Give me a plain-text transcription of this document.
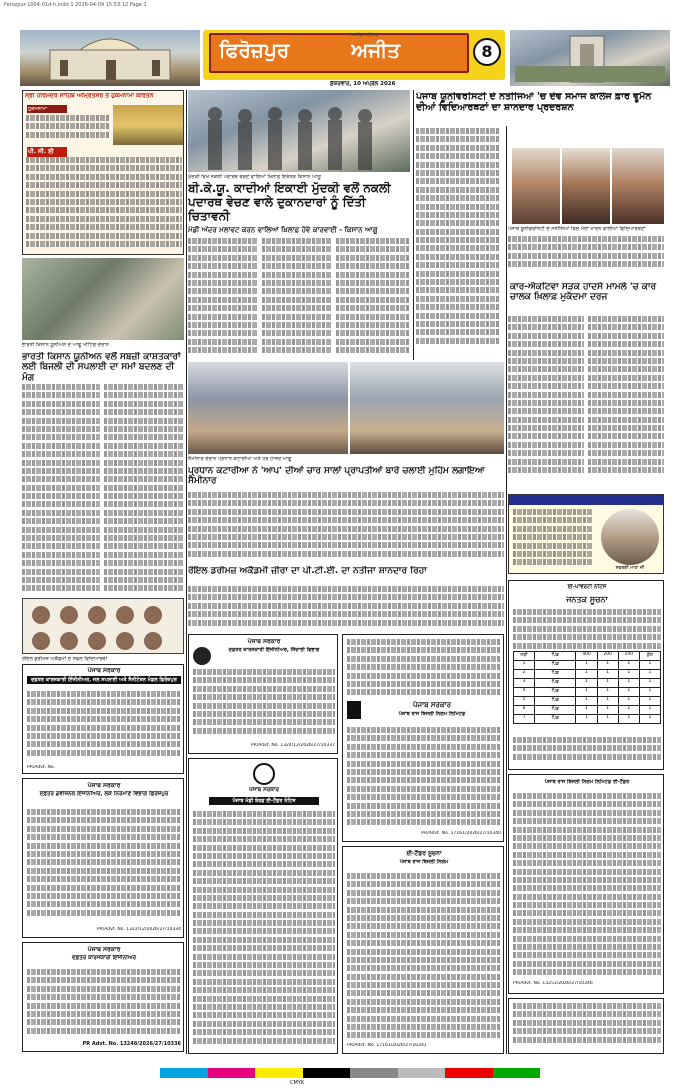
Ferozpur-1004-01d-h.indd 1 2026-04-09 15:53:12 Page 1
ਫਿਰੋਜ਼ਪੁਰ	ਅਜੀਤ	8
ਅਜੀਤ, ਜਲੰਧਰ
ਸ਼ੁੱਕਰਵਾਰ, 10 ਅਪ੍ਰੈਲ 2026
ਸ੍ਰੀ ਹਰਿਮੰਦਰ ਸਾਹਿਬ ਅੰਮ੍ਰਿਤਸਰ ਤੋਂ ਹੁਕਮਨਾਮਾ ਕੀਰਤਨ
ਹੁਕਮਨਾਮਾ
ਪੀ. ਜੀ. ਈ
ਭਾਰਤੀ ਕਿਸਾਨ ਯੂਨੀਅਨ ਦੇ ਆਗੂ ਮੀਟਿੰਗ ਦੌਰਾਨ
ਭਾਰਤੀ ਕਿਸਾਨ ਯੂਨੀਅਨ ਵਲੋਂ ਸਬਜ਼ੀ ਕਾਸ਼ਤਕਾਰਾਂ ਲਈ ਬਿਜਲੀ ਦੀ ਸਪਲਾਈ ਦਾ ਸਮਾਂ ਬਦਲਣ ਦੀ ਮੰਗ
ਮੁੱਦਕੀ ਵਿਖੇ ਨਕਲੀ ਪਦਾਰਥ ਵੇਚਣ ਵਾਲਿਆਂ ਖ਼ਿਲਾਫ਼ ਇਕੱਤਰ ਕਿਸਾਨ ਆਗੂ
ਬੀ.ਕੇ.ਯੂ. ਕਾਦੀਆਂ ਇਕਾਈ ਮੁੱਦਕੀ ਵਲੋਂ ਨਕਲੀ ਪਦਾਰਥ ਵੇਚਣ ਵਾਲੇ ਦੁਕਾਨਦਾਰਾਂ ਨੂੰ ਦਿੱਤੀ ਚਿਤਾਵਨੀ
ਮੰਡੀ ਅੰਦਰ ਮਲਾਵਟ ਕਰਨ ਵਾਲਿਆਂ ਖ਼ਿਲਾਫ਼ ਹੋਵੇ ਕਾਰਵਾਈ - ਕਿਸਾਨ ਆਗੂ
ਪੰਜਾਬ ਯੂਨੀਵਰਸਿਟੀ ਦੇ ਨਤੀਜਿਆਂ 'ਚ ਦੇਵ ਸਮਾਜ ਕਾਲਜ ਫ਼ਾਰ ਵੂਮੈਨ ਦੀਆਂ ਵਿਦਿਆਰਥਣਾਂ ਦਾ ਸ਼ਾਨਦਾਰ ਪ੍ਰਦਰਸ਼ਨ
ਪੰਜਾਬ ਯੂਨੀਵਰਸਿਟੀ ਦੇ ਨਤੀਜਿਆਂ ਵਿਚ ਮੱਲਾਂ ਮਾਰਨ ਵਾਲੀਆਂ ਵਿਦਿਆਰਥਣਾਂ
ਕਾਰ-ਐਕਟਿਵਾ ਸੜਕ ਹਾਦਸੇ ਮਾਮਲੇ 'ਚ ਕਾਰ ਚਾਲਕ ਖ਼ਿਲਾਫ਼ ਮੁਕੱਦਮਾ ਦਰਜ
ਸੈਮੀਨਾਰ ਦੌਰਾਨ ਪ੍ਰਧਾਨ ਕਟਾਰੀਆ ਅਤੇ ਹੋਰ ਹਾਜ਼ਰ ਆਗੂ
ਪ੍ਰਧਾਨ ਕਟਾਰੀਆ ਨੇ 'ਆਪ' ਦੀਆਂ ਚਾਰ ਸਾਲਾਂ ਪ੍ਰਾਪਤੀਆਂ ਬਾਰੇ ਚਲਾਈ ਮੁਹਿੰਮ ਲਗਾਇਆ ਸੈਮੀਨਾਰ
ਰੌਇਲ ਡਰੀਮਜ਼ ਅਕੈਡਮੀ ਜ਼ੀਰਾ ਦਾ ਪੀ.ਟੀ.ਈ. ਦਾ ਨਤੀਜਾ ਸ਼ਾਨਦਾਰ ਰਿਹਾ	ਸਵਰਗੀ ਮਾਤਾ ਜੀ
ਰੌਇਲ ਡਰੀਮਜ਼ ਅਕੈਡਮੀ ਦੇ ਸਫਲ ਵਿਦਿਆਰਥੀ
ਪੰਜਾਬ ਸਰਕਾਰ
ਦਫ਼ਤਰ ਕਾਰਜਕਾਰੀ ਇੰਜੀਨੀਅਰ, ਜਲ ਸਪਲਾਈ ਅਤੇ ਸੈਨੀਟੇਸ਼ਨ ਮੰਡਲ ਫ਼ਿਰੋਜ਼ਪੁਰ
PR/Advt. No.
ਪੰਜਾਬ ਸਰਕਾਰ
ਦਫ਼ਤਰ ਡਵੀਜ਼ਨਲ ਇੰਜੀਨੀਅਰ, ਲੋਕ ਨਿਰਮਾਣ ਵਿਭਾਗ ਫ਼ਿਰੋਜ਼ਪੁਰ
PR/Advt. No. 1322/12/2026/27/10334
ਪੰਜਾਬ ਸਰਕਾਰ
ਦਫ਼ਤਰ ਕਾਰਜਕਾਰੀ ਇੰਜੀਨੀਅਰ
PR Advt. No. 13248/2026/27/10336
ਪੰਜਾਬ ਸਰਕਾਰ
ਦਫ਼ਤਰ ਕਾਰਜਕਾਰੀ ਇੰਜੀਨੀਅਰ, ਸਿੰਚਾਈ ਵਿਭਾਗ
PR/Advt. No. 1324/12/2026/27/10337
ਪੰਜਾਬ ਸਰਕਾਰ
ਪੰਜਾਬ ਮੰਡੀ ਬੋਰਡ ਈ-ਟੈਂਡਰ ਨੋਟਿਸ
ਪੰਜਾਬ ਸਰਕਾਰ
ਪੰਜਾਬ ਰਾਜ ਬਿਜਲੀ ਨਿਗਮ ਲਿਮਿਟਡ
PR/Advt. No. 17161/2026/27/10340
ਈ-ਟੈਂਡਰ ਸੂਚਨਾ
ਪੰਜਾਬ ਰਾਜ ਬਿਜਲੀ ਨਿਗਮ
PR/Advt. No. 17161/2026/27/10341
ਈ-ਪਾਵਰਟੀ ਨੋਟਿਸ
ਜਨਤਕ ਸੂਚਨਾ
ਲੜੀ	ਪਿੰਡ	400	200	100	ਕੁੱਲ
1	ਪਿੰਡ	1	1	1	1
2	ਪਿੰਡ	1	1	1	1
3	ਪਿੰਡ	1	1	1	1
4	ਪਿੰਡ	1	1	1	1
5	ਪਿੰਡ	1	1	1	1
6	ਪਿੰਡ	1	1	1	1
7	ਪਿੰਡ	1	1	1	1
ਪੰਜਾਬ ਰਾਜ ਬਿਜਲੀ ਨਿਗਮ ਲਿਮਿਟਡ ਈ-ਟੈਂਡਰ
PR/Advt. No. 13251/2026/27/10346
CMYK
